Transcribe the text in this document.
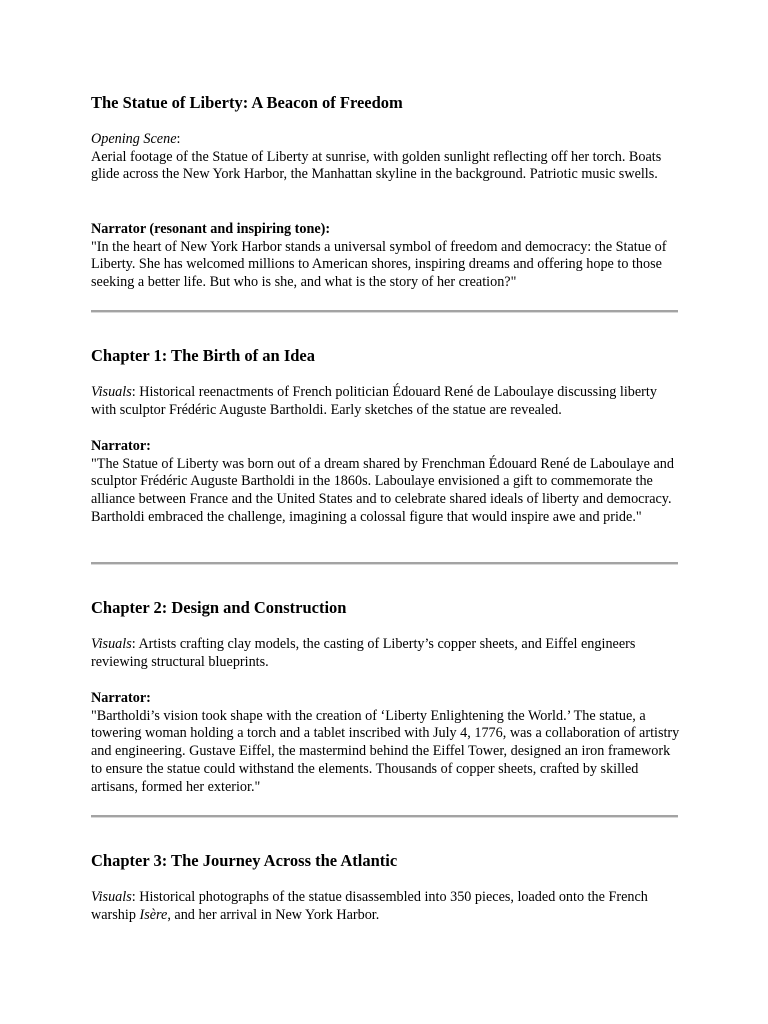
The Statue of Liberty: A Beacon of Freedom

Opening Scene:
Aerial footage of the Statue of Liberty at sunrise, with golden sunlight reflecting off her torch. Boats glide across the New York Harbor, the Manhattan skyline in the background. Patriotic music swells.

Narrator (resonant and inspiring tone):
"In the heart of New York Harbor stands a universal symbol of freedom and democracy: the Statue of Liberty. She has welcomed millions to American shores, inspiring dreams and offering hope to those seeking a better life. But who is she, and what is the story of her creation?"

Chapter 1: The Birth of an Idea

Visuals: Historical reenactments of French politician Édouard René de Laboulaye discussing liberty with sculptor Frédéric Auguste Bartholdi. Early sketches of the statue are revealed.

Narrator:
"The Statue of Liberty was born out of a dream shared by Frenchman Édouard René de Laboulaye and sculptor Frédéric Auguste Bartholdi in the 1860s. Laboulaye envisioned a gift to commemorate the alliance between France and the United States and to celebrate shared ideals of liberty and democracy. Bartholdi embraced the challenge, imagining a colossal figure that would inspire awe and pride."

Chapter 2: Design and Construction

Visuals: Artists crafting clay models, the casting of Liberty’s copper sheets, and Eiffel engineers reviewing structural blueprints.

Narrator:
"Bartholdi’s vision took shape with the creation of ‘Liberty Enlightening the World.’ The statue, a towering woman holding a torch and a tablet inscribed with July 4, 1776, was a collaboration of artistry and engineering. Gustave Eiffel, the mastermind behind the Eiffel Tower, designed an iron framework to ensure the statue could withstand the elements. Thousands of copper sheets, crafted by skilled artisans, formed her exterior."

Chapter 3: The Journey Across the Atlantic

Visuals: Historical photographs of the statue disassembled into 350 pieces, loaded onto the French warship Isère, and her arrival in New York Harbor.
